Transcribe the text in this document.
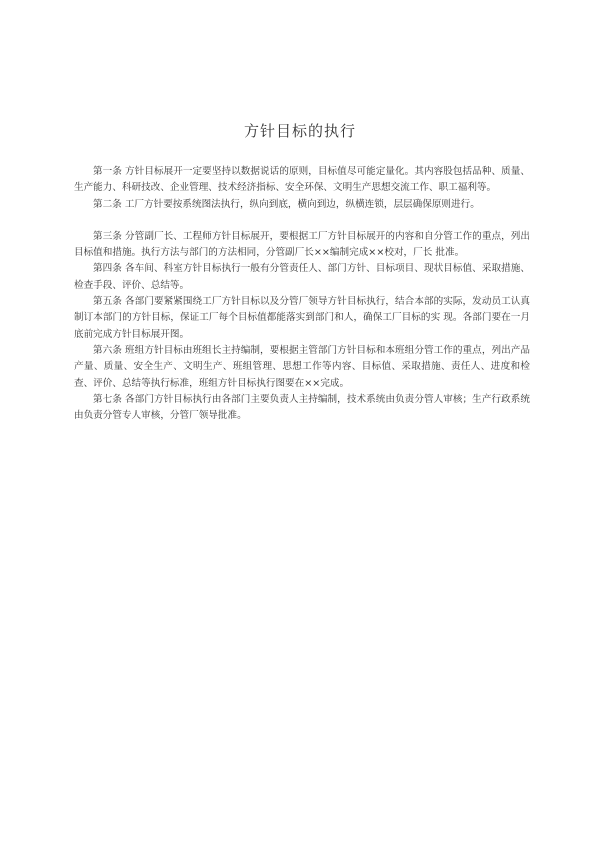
方针目标的执行

第一条 方针目标展开一定要坚持以数据说话的原则，目标值尽可能定量化。其内容股包括品种、质量、生产能力、科研技改、企业管理、技术经济指标、安全环保、文明生产思想交流工作、职工福利等。

第二条 工厂方针要按系统图法执行，纵向到底，横向到边，纵横连锁，层层确保原则进行。

第三条 分管副厂长、工程师方针目标展开，要根据工厂方针目标展开的内容和自分管工作的重点，列出目标值和措施。执行方法与部门的方法相同，分管副厂长××编制完成××校对，厂长 批准。

第四条 各车间、科室方针目标执行一般有分管责任人、部门方针、目标项目、现状目标值、采取措施、检查手段、评价、总结等。

第五条 各部门要紧紧围绕工厂方针目标以及分管厂领导方针目标执行，结合本部的实际，发动员工认真制订本部门的方针目标，保证工厂每个目标值都能落实到部门和人，确保工厂目标的实 现。各部门要在一月底前完成方针目标展开图。

第六条 班组方针目标由班组长主持编制，要根据主管部门方针目标和本班组分管工作的重点，列出产品产量、质量、安全生产、文明生产、班组管理、思想工作等内容、目标值、采取措施、责任人、进度和检查、评价、总结等执行标准，班组方针目标执行图要在××完成。

第七条 各部门方针目标执行由各部门主要负责人主持编制，技术系统由负责分管人审核；生产行政系统由负责分管专人审核，分管厂领导批准。
